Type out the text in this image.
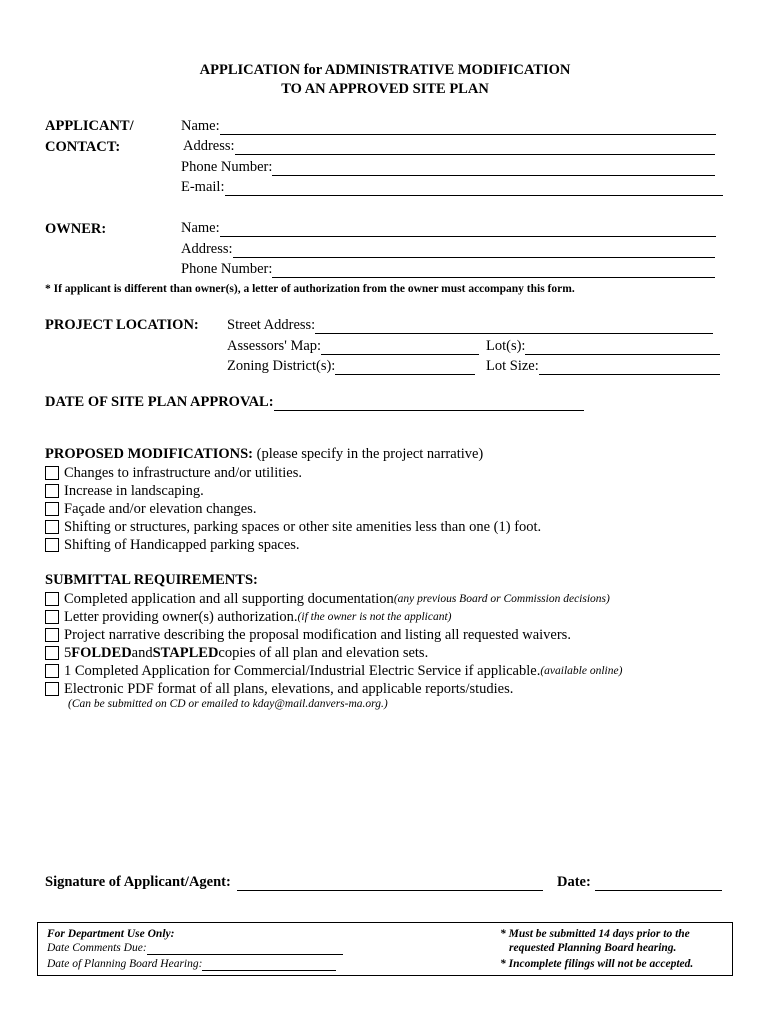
APPLICATION for ADMINISTRATIVE MODIFICATION
TO AN APPROVED SITE PLAN
APPLICANT/
CONTACT:
Name:
Address:
Phone Number:
E-mail:
OWNER:	Name:
Address:
Phone Number:
* If applicant is different than owner(s), a letter of authorization from the owner must accompany this form.
PROJECT LOCATION: Street Address:
Assessors' Map:	Lot(s):
Zoning District(s):	Lot Size:
DATE OF SITE PLAN APPROVAL:
PROPOSED MODIFICATIONS: (please specify in the project narrative)
Changes to infrastructure and/or utilities.
Increase in landscaping.
Façade and/or elevation changes.
Shifting or structures, parking spaces or other site amenities less than one (1) foot.
Shifting of Handicapped parking spaces.
SUBMITTAL REQUIREMENTS:
Completed application and all supporting documentation (any previous Board or Commission decisions)
Letter providing owner(s) authorization. (if the owner is not the applicant)
Project narrative describing the proposal modification and listing all requested waivers.
5 FOLDED and STAPLED copies of all plan and elevation sets.
1 Completed Application for Commercial/Industrial Electric Service if applicable. (available online)
Electronic PDF format of all plans, elevations, and applicable reports/studies.
(Can be submitted on CD or emailed to kday@mail.danvers-ma.org.)
Signature of Applicant/Agent:	Date:
For Department Use Only:
Date Comments Due:
Date of Planning Board Hearing:
* Must be submitted 14 days prior to the
requested Planning Board hearing.
* Incomplete filings will not be accepted.
